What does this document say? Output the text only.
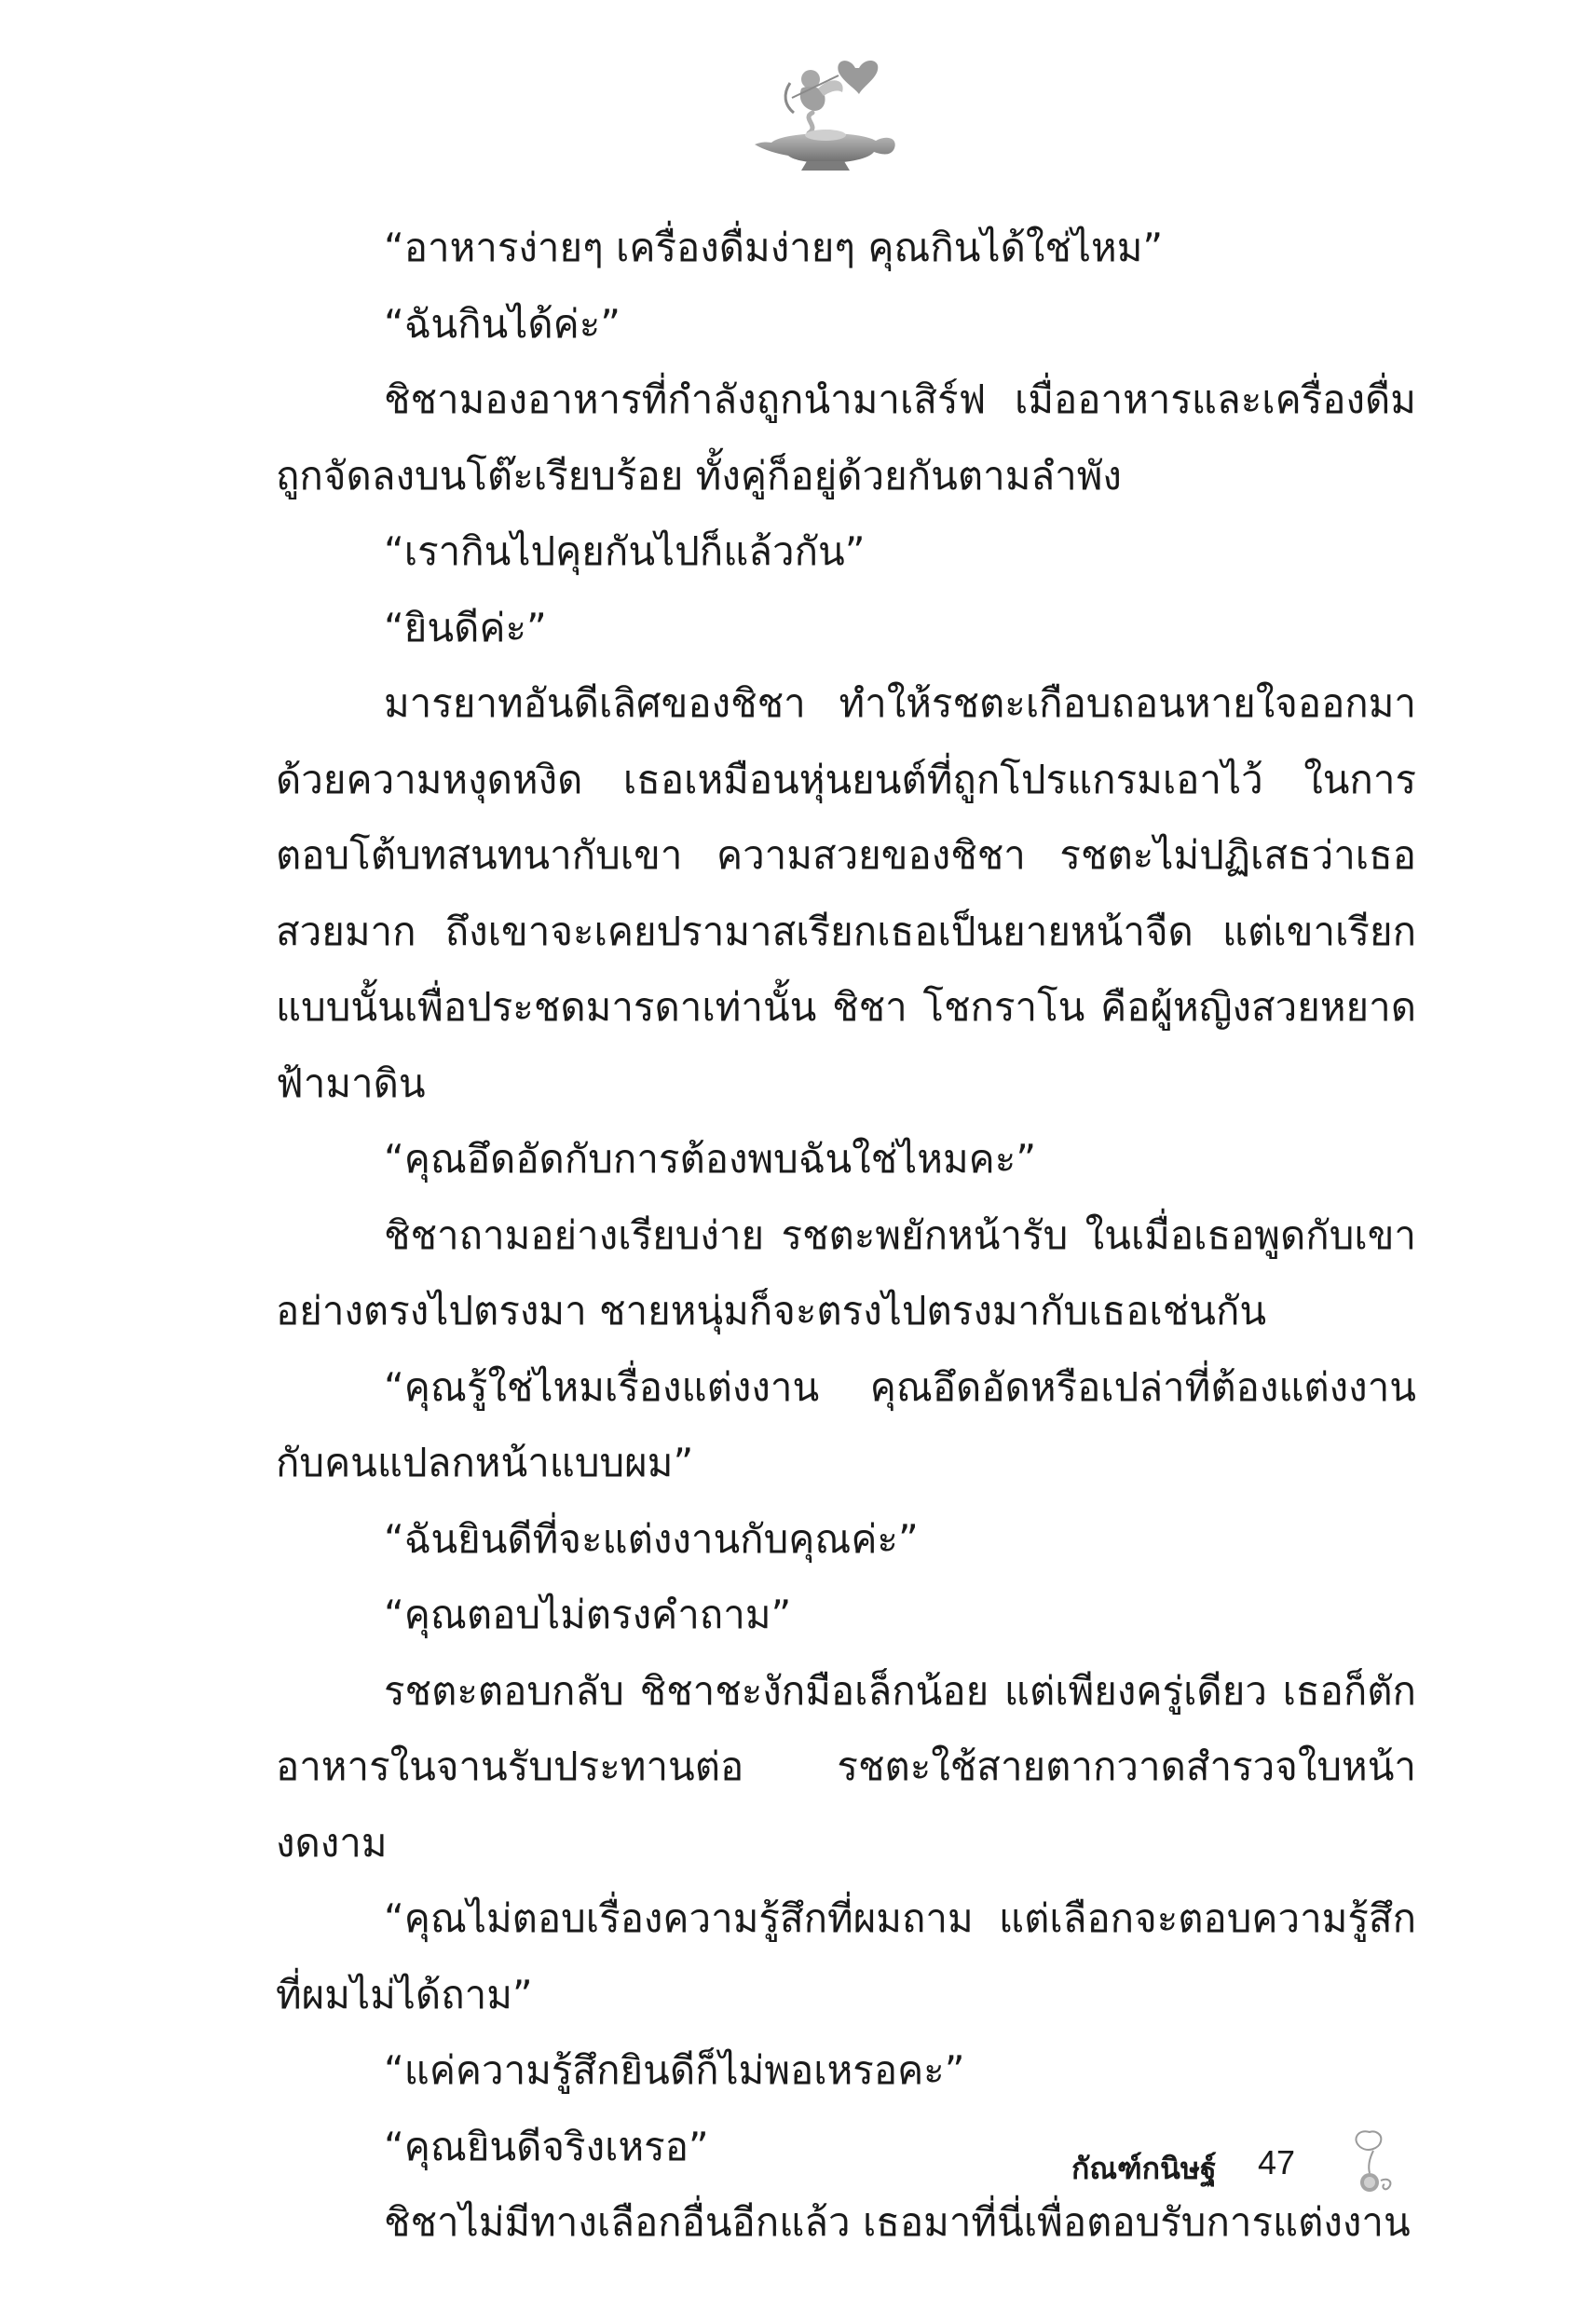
“อาหารง่ายๆ เครื่องดื่มง่ายๆ คุณกินได้ใช่ไหม”

“ฉันกินได้ค่ะ”

ชิชามองอาหารที่กำลังถูกนำมาเสิร์ฟ เมื่ออาหารและเครื่องดื่มถูกจัดลงบนโต๊ะเรียบร้อย ทั้งคู่ก็อยู่ด้วยกันตามลำพัง

“เรากินไปคุยกันไปก็แล้วกัน”

“ยินดีค่ะ”

มารยาทอันดีเลิศของชิชา ทำให้รชตะเกือบถอนหายใจออกมาด้วยความหงุดหงิด เธอเหมือนหุ่นยนต์ที่ถูกโปรแกรมเอาไว้ ในการตอบโต้บทสนทนากับเขา ความสวยของชิชา รชตะไม่ปฏิเสธว่าเธอสวยมาก ถึงเขาจะเคยปรามาสเรียกเธอเป็นยายหน้าจืด แต่เขาเรียกแบบนั้นเพื่อประชดมารดาเท่านั้น ชิชา โชกราโน คือผู้หญิงสวยหยาดฟ้ามาดิน

“คุณอึดอัดกับการต้องพบฉันใช่ไหมคะ”

ชิชาถามอย่างเรียบง่าย รชตะพยักหน้ารับ ในเมื่อเธอพูดกับเขาอย่างตรงไปตรงมา ชายหนุ่มก็จะตรงไปตรงมากับเธอเช่นกัน

“คุณรู้ใช่ไหมเรื่องแต่งงาน คุณอึดอัดหรือเปล่าที่ต้องแต่งงานกับคนแปลกหน้าแบบผม”

“ฉันยินดีที่จะแต่งงานกับคุณค่ะ”

“คุณตอบไม่ตรงคำถาม”

รชตะตอบกลับ ชิชาชะงักมือเล็กน้อย แต่เพียงครู่เดียว เธอก็ตักอาหารในจานรับประทานต่อ รชตะใช้สายตากวาดสำรวจใบหน้างดงาม

“คุณไม่ตอบเรื่องความรู้สึกที่ผมถาม แต่เลือกจะตอบความรู้สึกที่ผมไม่ได้ถาม”

“แค่ความรู้สึกยินดีก็ไม่พอเหรอคะ”

“คุณยินดีจริงเหรอ”

ชิชาไม่มีทางเลือกอื่นอีกแล้ว เธอมาที่นี่เพื่อตอบรับการแต่งงาน

กัณฑ์กนิษฐ์ 47
